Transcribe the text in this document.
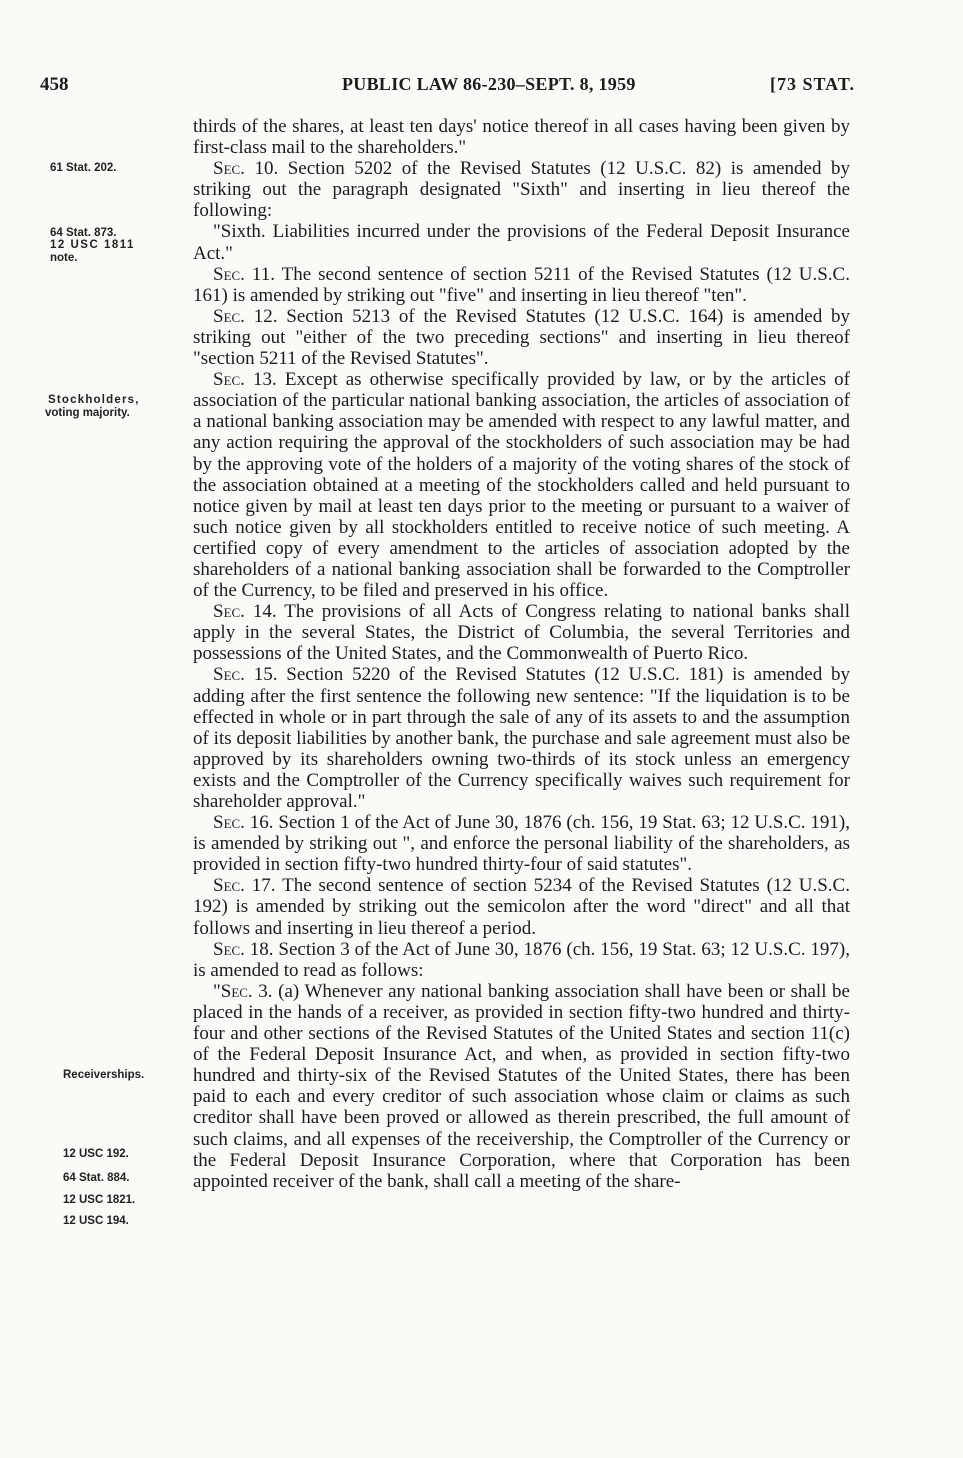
458	PUBLIC LAW 86-230–SEPT. 8, 1959	[73 STAT.
61 Stat. 202.
64 Stat. 873.
12 USC 1811
note.
Stockholders,
voting majority.
Receiverships.
12 USC 192.
64 Stat. 884.
12 USC 1821.
12 USC 194.

thirds of the shares, at least ten days' notice thereof in all cases having been given by first-class mail to the shareholders."

Sec. 10. Section 5202 of the Revised Statutes (12 U.S.C. 82) is amended by striking out the paragraph designated "Sixth" and inserting in lieu thereof the following:

"Sixth. Liabilities incurred under the provisions of the Federal Deposit Insurance Act."

Sec. 11. The second sentence of section 5211 of the Revised Statutes (12 U.S.C. 161) is amended by striking out "five" and inserting in lieu thereof "ten".

Sec. 12. Section 5213 of the Revised Statutes (12 U.S.C. 164) is amended by striking out "either of the two preceding sections" and inserting in lieu thereof "section 5211 of the Revised Statutes".

Sec. 13. Except as otherwise specifically provided by law, or by the articles of association of the particular national banking association, the articles of association of a national banking association may be amended with respect to any lawful matter, and any action requiring the approval of the stockholders of such association may be had by the approving vote of the holders of a majority of the voting shares of the stock of the association obtained at a meeting of the stockholders called and held pursuant to notice given by mail at least ten days prior to the meeting or pursuant to a waiver of such notice given by all stockholders entitled to receive notice of such meeting. A certified copy of every amendment to the articles of association adopted by the shareholders of a national banking association shall be forwarded to the Comptroller of the Currency, to be filed and preserved in his office.

Sec. 14. The provisions of all Acts of Congress relating to national banks shall apply in the several States, the District of Columbia, the several Territories and possessions of the United States, and the Commonwealth of Puerto Rico.

Sec. 15. Section 5220 of the Revised Statutes (12 U.S.C. 181) is amended by adding after the first sentence the following new sentence: "If the liquidation is to be effected in whole or in part through the sale of any of its assets to and the assumption of its deposit liabilities by another bank, the purchase and sale agreement must also be approved by its shareholders owning two-thirds of its stock unless an emergency exists and the Comptroller of the Currency specifically waives such requirement for shareholder approval."

Sec. 16. Section 1 of the Act of June 30, 1876 (ch. 156, 19 Stat. 63; 12 U.S.C. 191), is amended by striking out ", and enforce the personal liability of the shareholders, as provided in section fifty-two hundred thirty-four of said statutes".

Sec. 17. The second sentence of section 5234 of the Revised Statutes (12 U.S.C. 192) is amended by striking out the semicolon after the word "direct" and all that follows and inserting in lieu thereof a period.

Sec. 18. Section 3 of the Act of June 30, 1876 (ch. 156, 19 Stat. 63; 12 U.S.C. 197), is amended to read as follows:

"Sec. 3. (a) Whenever any national banking association shall have been or shall be placed in the hands of a receiver, as provided in section fifty-two hundred and thirty-four and other sections of the Revised Statutes of the United States and section 11(c) of the Federal Deposit Insurance Act, and when, as provided in section fifty-two hundred and thirty-six of the Revised Statutes of the United States, there has been paid to each and every creditor of such association whose claim or claims as such creditor shall have been proved or allowed as therein prescribed, the full amount of such claims, and all expenses of the receivership, the Comptroller of the Currency or the Federal Deposit Insurance Corporation, where that Corporation has been appointed receiver of the bank, shall call a meeting of the share-
